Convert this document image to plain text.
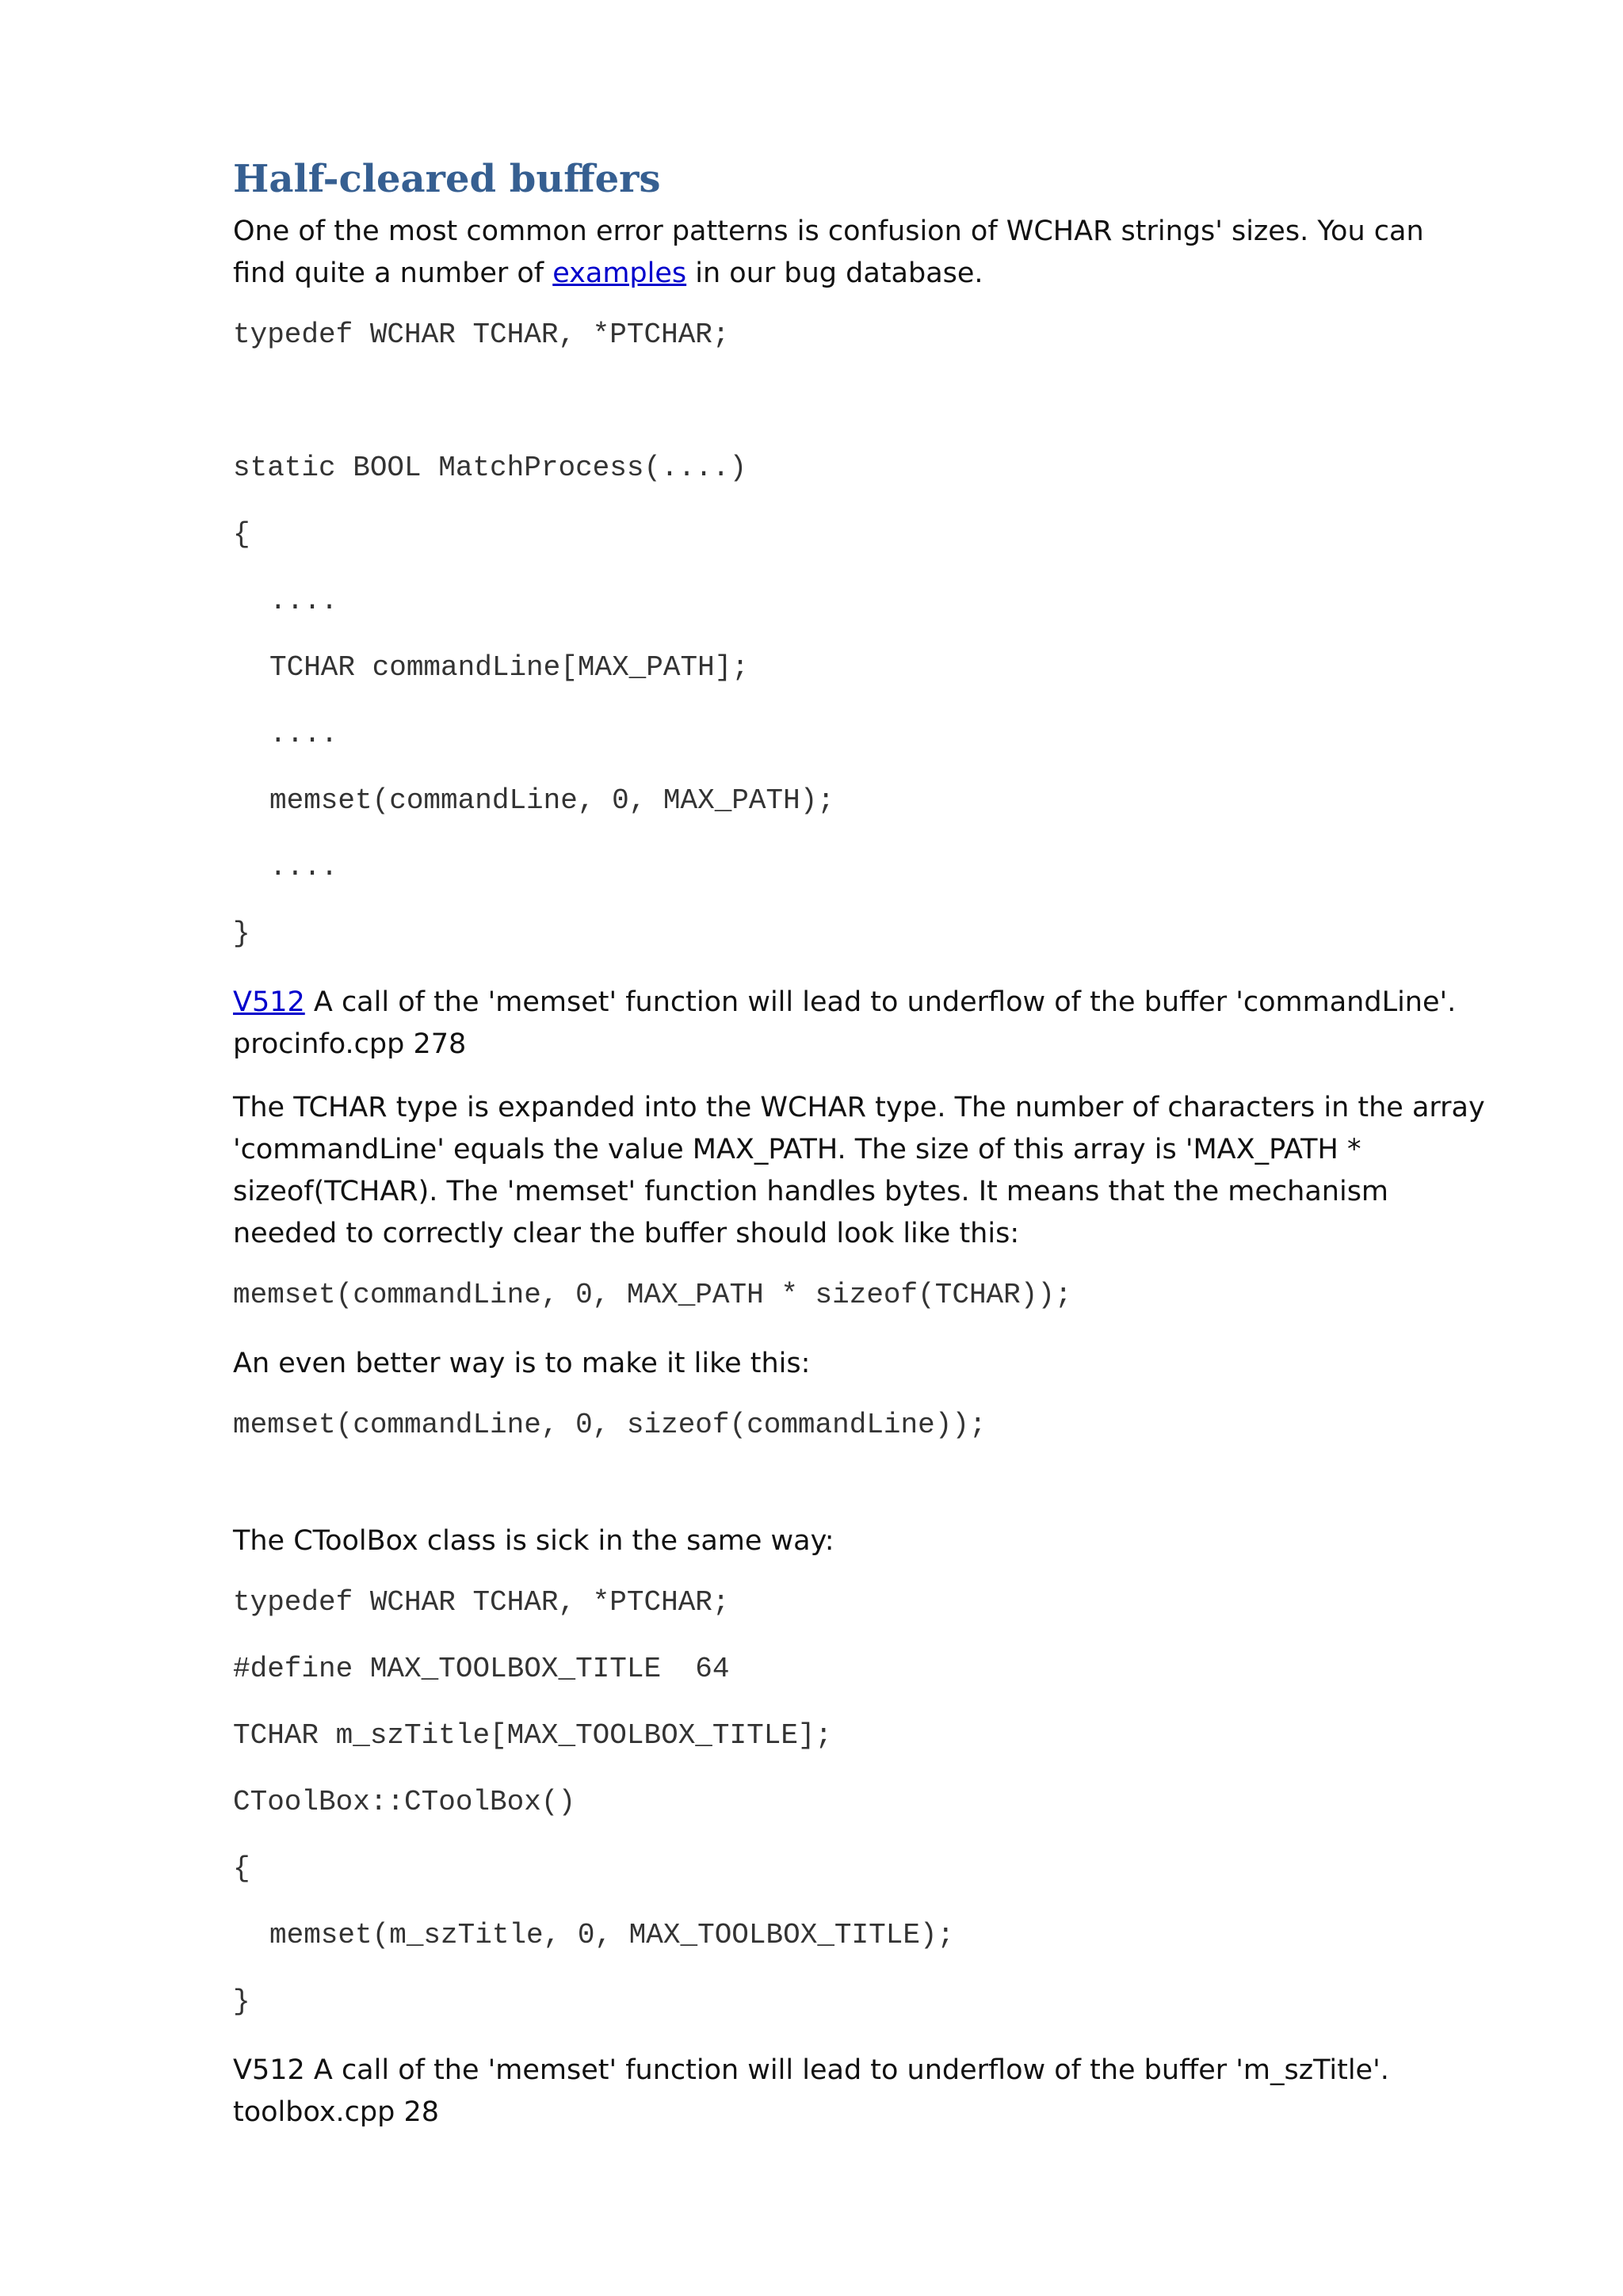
Half-cleared buffers

One of the most common error patterns is confusion of WCHAR strings' sizes. You can find quite a number of examples in our bug database.

typedef WCHAR TCHAR, *PTCHAR;
static BOOL MatchProcess(....)
{
....
TCHAR commandLine[MAX_PATH];
....
memset(commandLine, 0, MAX_PATH);
....
}

V512 A call of the 'memset' function will lead to underflow of the buffer 'commandLine'. procinfo.cpp 278

The TCHAR type is expanded into the WCHAR type. The number of characters in the array 'commandLine' equals the value MAX_PATH. The size of this array is 'MAX_PATH * sizeof(TCHAR). The 'memset' function handles bytes. It means that the mechanism needed to correctly clear the buffer should look like this:

memset(commandLine, 0, MAX_PATH * sizeof(TCHAR));

An even better way is to make it like this:

memset(commandLine, 0, sizeof(commandLine));

The CToolBox class is sick in the same way:

typedef WCHAR TCHAR, *PTCHAR;
#define MAX_TOOLBOX_TITLE  64
TCHAR m_szTitle[MAX_TOOLBOX_TITLE];
CToolBox::CToolBox()
{
memset(m_szTitle, 0, MAX_TOOLBOX_TITLE);
}

V512 A call of the 'memset' function will lead to underflow of the buffer 'm_szTitle'. toolbox.cpp 28
